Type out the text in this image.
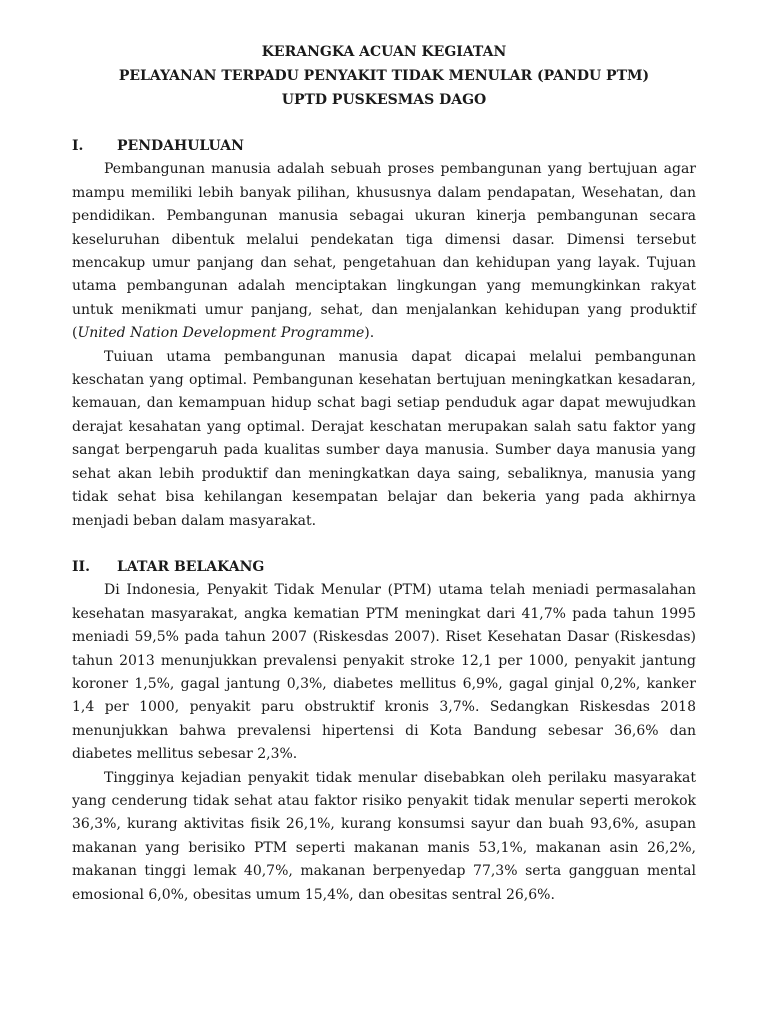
KERANGKA ACUAN KEGIATAN
PELAYANAN TERPADU PENYAKIT TIDAK MENULAR (PANDU PTM)
UPTD PUSKESMAS DAGO
I.	PENDAHULUAN

Pembangunan manusia adalah sebuah proses pembangunan yang bertujuan agar mampu memiliki lebih banyak pilihan, khususnya dalam pendapatan, Wesehatan, dan pendidikan. Pembangunan manusia sebagai ukuran kinerja pembangunan secara keseluruhan dibentuk melalui pendekatan tiga dimensi dasar. Dimensi tersebut mencakup umur panjang dan sehat, pengetahuan dan kehidupan yang layak. Tujuan utama pembangunan adalah menciptakan lingkungan yang memungkinkan rakyat untuk menikmati umur panjang, sehat, dan menjalankan kehidupan yang produktif (United Nation Development Programme).

Tuiuan utama pembangunan manusia dapat dicapai melalui pembangunan keschatan yang optimal. Pembangunan kesehatan bertujuan meningkatkan kesadaran, kemauan, dan kemampuan hidup schat bagi setiap penduduk agar dapat mewujudkan derajat kesahatan yang optimal. Derajat keschatan merupakan salah satu faktor yang sangat berpengaruh pada kualitas sumber daya manusia. Sumber daya manusia yang sehat akan lebih produktif dan meningkatkan daya saing, sebaliknya, manusia yang tidak sehat bisa kehilangan kesempatan belajar dan bekeria yang pada akhirnya menjadi beban dalam masyarakat.

II.	LATAR BELAKANG

Di Indonesia, Penyakit Tidak Menular (PTM) utama telah meniadi permasalahan kesehatan masyarakat, angka kematian PTM meningkat dari 41,7% pada tahun 1995 meniadi 59,5% pada tahun 2007 (Riskesdas 2007). Riset Kesehatan Dasar (Riskesdas) tahun 2013 menunjukkan prevalensi penyakit stroke 12,1 per 1000, penyakit jantung koroner 1,5%, gagal jantung 0,3%, diabetes mellitus 6,9%, gagal ginjal 0,2%, kanker 1,4 per 1000, penyakit paru obstruktif kronis 3,7%. Sedangkan Riskesdas 2018 menunjukkan bahwa prevalensi hipertensi di Kota Bandung sebesar 36,6% dan diabetes mellitus sebesar 2,3%.

Tingginya kejadian penyakit tidak menular disebabkan oleh perilaku masyarakat yang cenderung tidak sehat atau faktor risiko penyakit tidak menular seperti merokok 36,3%, kurang aktivitas fisik 26,1%, kurang konsumsi sayur dan buah 93,6%, asupan makanan yang berisiko PTM seperti makanan manis 53,1%, makanan asin 26,2%, makanan tinggi lemak 40,7%, makanan berpenyedap 77,3% serta gangguan mental emosional 6,0%, obesitas umum 15,4%, dan obesitas sentral 26,6%.
